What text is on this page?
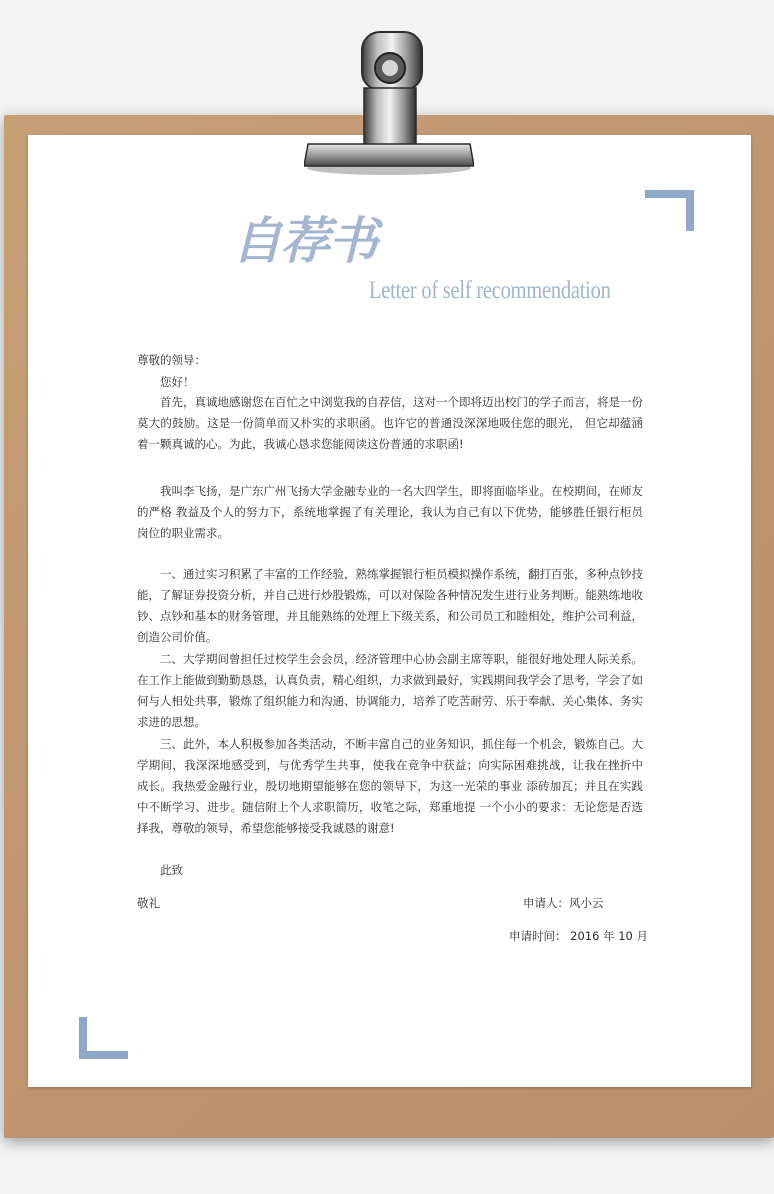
自荐书
Letter of self recommendation
尊敬的领导：
您好！
首先，真诚地感谢您在百忙之中浏览我的自荐信，这对一个即将迈出校门的学子而言，将是一份莫大的鼓励。这是一份简单而又朴实的求职函。也许它的普通没深深地吸住您的眼光， 但它却蕴涵着一颗真诚的心。为此，我诚心恳求您能阅读这份普通的求职函!
我叫李飞扬，是广东广州飞扬大学金融专业的一名大四学生，即将面临毕业。在校期间，在师友的严格 教益及个人的努力下，系统地掌握了有关理论，我认为自己有以下优势，能够胜任银行柜员岗位的职业需求。
一、通过实习积累了丰富的工作经验，熟练掌握银行柜员模拟操作系统，翻打百张，多种点钞技能，了解证券投资分析，并自己进行炒股锻炼，可以对保险各种情况发生进行业务判断。能熟练地收钞、点钞和基本的财务管理，并且能熟练的处理上下级关系，和公司员工和睦相处，维护公司利益，创造公司价值。
二、大学期间曾担任过校学生会会员，经济管理中心协会副主席等职，能很好地处理人际关系。在工作上能做到勤勤恳恳，认真负责，精心组织，力求做到最好，实践期间我学会了思考，学会了如何与人相处共事，锻炼了组织能力和沟通、协调能力，培养了吃苦耐劳、乐于奉献、关心集体、务实求进的思想。
三、此外，本人积极参加各类活动，不断丰富自己的业务知识，抓住每一个机会，锻炼自己。大学期间，我深深地感受到，与优秀学生共事，使我在竞争中获益；向实际困难挑战，让我在挫折中 成长。我热爱金融行业，殷切地期望能够在您的领导下，为这一光荣的事业 添砖加瓦；并且在实践中不断学习、进步。随信附上个人求职简历，收笔之际，郑重地提 一个小小的要求：无论您是否选择我，尊敬的领导，希望您能够接受我诚恳的谢意!
此致
敬礼	申请人：风小云
申请时间： 2016 年 10 月
